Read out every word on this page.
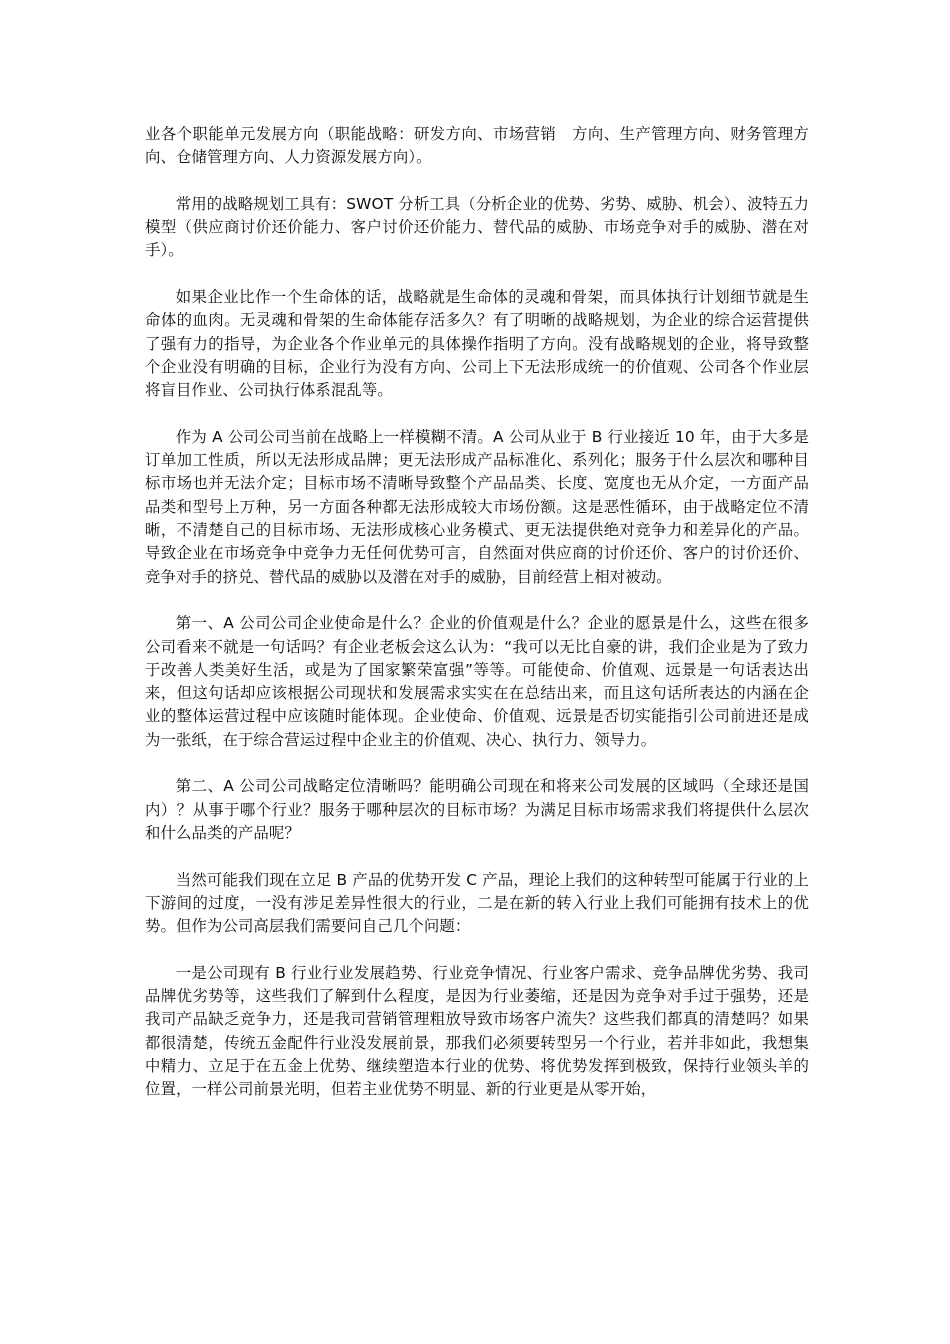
业各个职能单元发展方向（职能战略：研发方向、市场营销　方向、生产管理方向、财务管理方向、仓储管理方向、人力资源发展方向）。

常用的战略规划工具有：SWOT 分析工具（分析企业的优势、劣势、威胁、机会）、波特五力模型（供应商讨价还价能力、客户讨价还价能力、替代品的威胁、市场竞争对手的威胁、潜在对手）。

如果企业比作一个生命体的话，战略就是生命体的灵魂和骨架，而具体执行计划细节就是生命体的血肉。无灵魂和骨架的生命体能存活多久？有了明晰的战略规划，为企业的综合运营提供了强有力的指导，为企业各个作业单元的具体操作指明了方向。没有战略规划的企业，将导致整个企业没有明确的目标，企业行为没有方向、公司上下无法形成统一的价值观、公司各个作业层将盲目作业、公司执行体系混乱等。

作为 A 公司公司当前在战略上一样模糊不清。A 公司从业于 B 行业接近 10 年，由于大多是订单加工性质，所以无法形成品牌；更无法形成产品标准化、系列化；服务于什么层次和哪种目标市场也并无法介定；目标市场不清晰导致整个产品品类、长度、宽度也无从介定，一方面产品品类和型号上万种，另一方面各种都无法形成较大市场份额。这是恶性循环，由于战略定位不清晰，不清楚自己的目标市场、无法形成核心业务模式、更无法提供绝对竞争力和差异化的产品。导致企业在市场竞争中竞争力无任何优势可言，自然面对供应商的讨价还价、客户的讨价还价、竞争对手的挤兑、替代品的威胁以及潜在对手的威胁，目前经营上相对被动。

第一、A 公司公司企业使命是什么？企业的价值观是什么？企业的愿景是什么，这些在很多公司看来不就是一句话吗？有企业老板会这么认为：“我可以无比自豪的讲，我们企业是为了致力于改善人类美好生活，或是为了国家繁荣富强”等等。可能使命、价值观、远景是一句话表达出来，但这句话却应该根据公司现状和发展需求实实在在总结出来，而且这句话所表达的内涵在企业的整体运营过程中应该随时能体现。企业使命、价值观、远景是否切实能指引公司前进还是成为一张纸，在于综合营运过程中企业主的价值观、决心、执行力、领导力。

第二、A 公司公司战略定位清晰吗？能明确公司现在和将来公司发展的区域吗（全球还是国内）？从事于哪个行业？服务于哪种层次的目标市场？为满足目标市场需求我们将提供什么层次和什么品类的产品呢？

当然可能我们现在立足 B 产品的优势开发 C 产品，理论上我们的这种转型可能属于行业的上下游间的过度，一没有涉足差异性很大的行业，二是在新的转入行业上我们可能拥有技术上的优势。但作为公司高层我们需要问自己几个问题：

一是公司现有 B 行业行业发展趋势、行业竞争情况、行业客户需求、竞争品牌优劣势、我司品牌优劣势等，这些我们了解到什么程度，是因为行业萎缩，还是因为竞争对手过于强势，还是我司产品缺乏竞争力，还是我司营销管理粗放导致市场客户流失？这些我们都真的清楚吗？如果都很清楚，传统五金配件行业没发展前景，那我们必须要转型另一个行业，若并非如此，我想集中精力、立足于在五金上优势、继续塑造本行业的优势、将优势发挥到极致，保持行业领头羊的位置，一样公司前景光明，但若主业优势不明显、新的行业更是从零开始，
